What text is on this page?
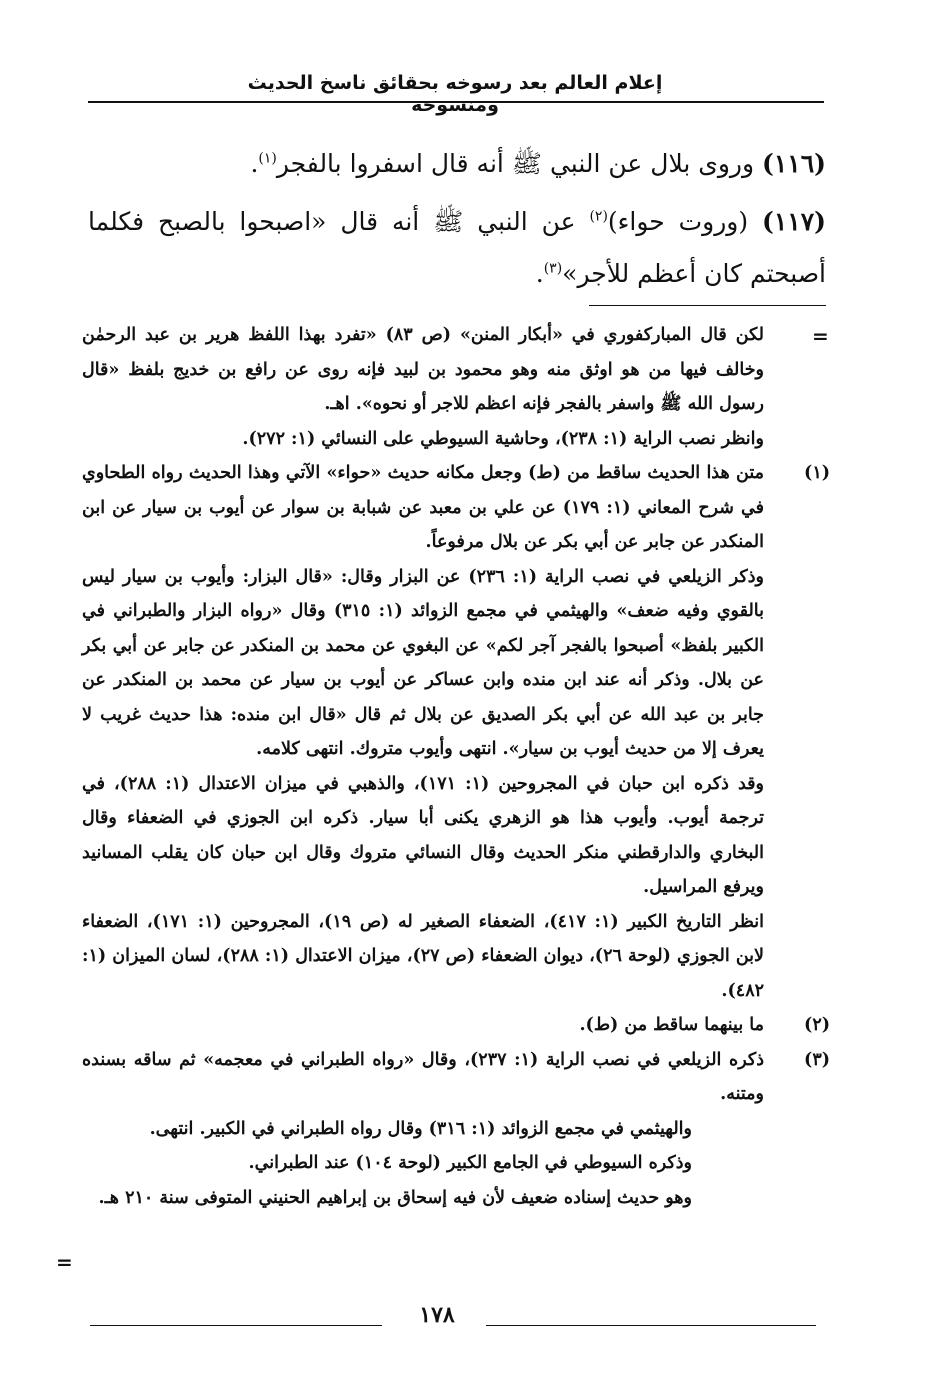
إعلام العالم بعد رسوخه بحقائق ناسخ الحديث ومنسوخه

(١١٦) وروى بلال عن النبي ﷺ أنه قال اسفروا بالفجر$^{(١)}$.

(١١٧) (وروت حواء)$^{(٢)}$ عن النبي ﷺ أنه قال «اصبحوا بالصبح فكلما أصبحتم كان أعظم للأجر»$^{(٣)}$.

=

لكن قال المباركفوري في «أبكار المنن» (ص ٨٣) «تفرد بهذا اللفظ هرير بن عبد الرحمٰن وخالف فيها من هو اوثق منه وهو محمود بن لبيد فإنه روى عن رافع بن خديج بلفظ «قال رسول الله ﷺ واسفر بالفجر فإنه اعظم للاجر أو نحوه». اهـ.

وانظر نصب الراية (١: ٢٣٨)، وحاشية السيوطي على النسائي (١: ٢٧٢).

(١)

متن هذا الحديث ساقط من (ط) وجعل مكانه حديث «حواء» الآتي وهذا الحديث رواه الطحاوي في شرح المعاني (١: ١٧٩) عن علي بن معبد عن شبابة بن سوار عن أيوب بن سيار عن ابن المنكدر عن جابر عن أبي بكر عن بلال مرفوعاً.

وذكر الزيلعي في نصب الراية (١: ٢٣٦) عن البزار وقال: «قال البزار: وأيوب بن سيار ليس بالقوي وفيه ضعف» والهيثمي في مجمع الزوائد (١: ٣١٥) وقال «رواه البزار والطبراني في الكبير بلفظ» أصبحوا بالفجر آجر لكم» عن البغوي عن محمد بن المنكدر عن جابر عن أبي بكر عن بلال. وذكر أنه عند ابن منده وابن عساكر عن أيوب بن سيار عن محمد بن المنكدر عن جابر بن عبد الله عن أبي بكر الصديق عن بلال ثم قال «قال ابن منده: هذا حديث غريب لا يعرف إلا من حديث أيوب بن سيار». انتهى وأيوب متروك. انتهى كلامه.

وقد ذكره ابن حبان في المجروحين (١: ١٧١)، والذهبي في ميزان الاعتدال (١: ٢٨٨)، في ترجمة أيوب. وأيوب هذا هو الزهري يكنى أبا سيار. ذكره ابن الجوزي في الضعفاء وقال البخاري والدارقطني منكر الحديث وقال النسائي متروك وقال ابن حبان كان يقلب المسانيد ويرفع المراسيل.

انظر التاريخ الكبير (١: ٤١٧)، الضعفاء الصغير له (ص ١٩)، المجروحين (١: ١٧١)، الضعفاء لابن الجوزي (لوحة ٢٦)، ديوان الضعفاء (ص ٢٧)، ميزان الاعتدال (١: ٢٨٨)، لسان الميزان (١: ٤٨٢).

(٢)

ما بينهما ساقط من (ط).

(٣)

ذكره الزيلعي في نصب الراية (١: ٢٣٧)، وقال «رواه الطبراني في معجمه» ثم ساقه بسنده ومتنه.

والهيثمي في مجمع الزوائد (١: ٣١٦) وقال رواه الطبراني في الكبير. انتهى.

وذكره السيوطي في الجامع الكبير (لوحة ١٠٤) عند الطبراني.

وهو حديث إسناده ضعيف لأن فيه إسحاق بن إبراهيم الحنيني المتوفى سنة ٢١٠ هـ.

=
١٧٨
